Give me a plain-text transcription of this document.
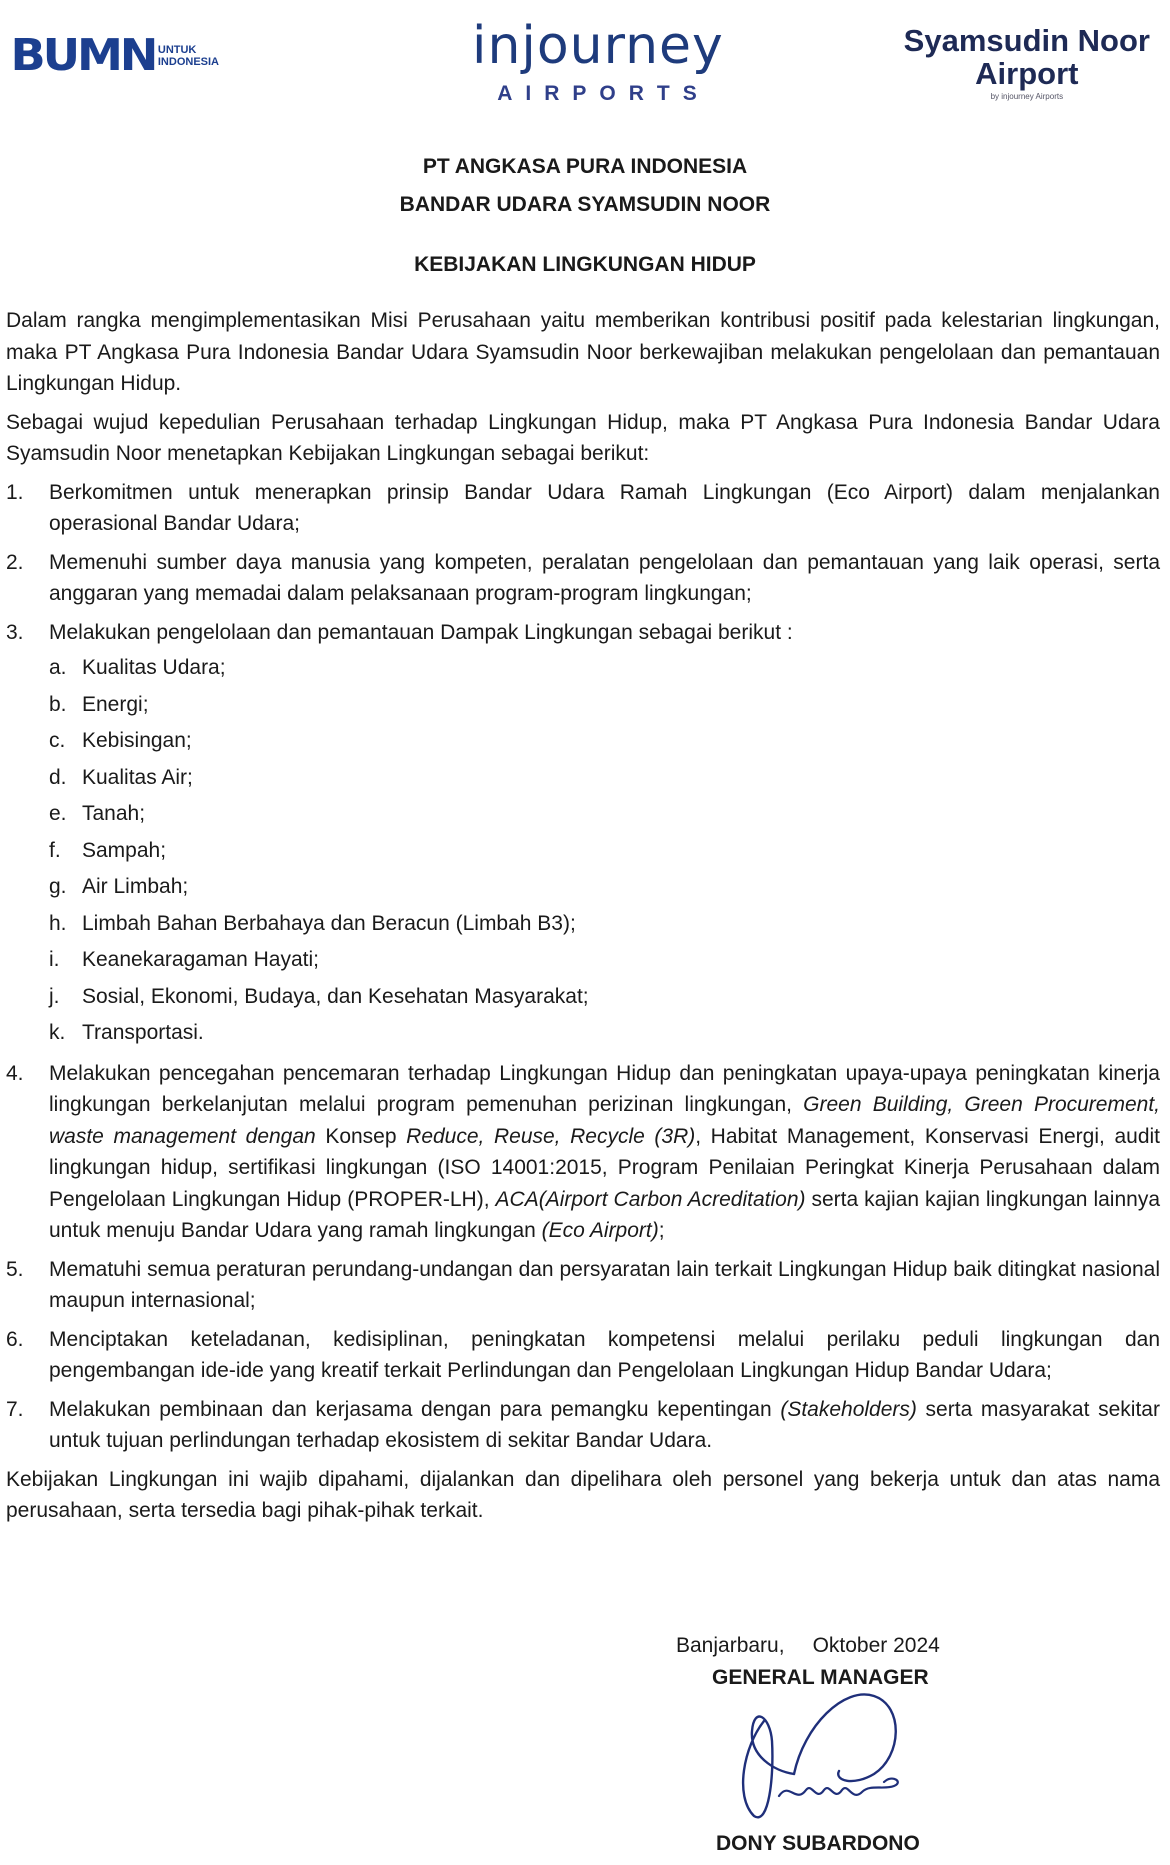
BUMN UNTUK
INDONESIA	injourney
AIRPORTS
Syamsudin Noor
Airport
by injourney Airports
PT ANGKASA PURA INDONESIA
BANDAR UDARA SYAMSUDIN NOOR
KEBIJAKAN LINGKUNGAN HIDUP

Dalam rangka mengimplementasikan Misi Perusahaan yaitu memberikan kontribusi positif pada kelestarian lingkungan, maka PT Angkasa Pura Indonesia Bandar Udara Syamsudin Noor berkewajiban melakukan pengelolaan dan pemantauan Lingkungan Hidup.

Sebagai wujud kepedulian Perusahaan terhadap Lingkungan Hidup, maka PT Angkasa Pura Indonesia Bandar Udara Syamsudin Noor menetapkan Kebijakan Lingkungan sebagai berikut:

1. Berkomitmen untuk menerapkan prinsip Bandar Udara Ramah Lingkungan (Eco Airport) dalam menjalankan operasional Bandar Udara;
2. Memenuhi sumber daya manusia yang kompeten, peralatan pengelolaan dan pemantauan yang laik operasi, serta anggaran yang memadai dalam pelaksanaan program-program lingkungan;
3. Melakukan pengelolaan dan pemantauan Dampak Lingkungan sebagai berikut :
a. Kualitas Udara;
b. Energi;
c. Kebisingan;
d. Kualitas Air;
e. Tanah;
f. Sampah;
g. Air Limbah;
h. Limbah Bahan Berbahaya dan Beracun (Limbah B3);
i. Keanekaragaman Hayati;
j. Sosial, Ekonomi, Budaya, dan Kesehatan Masyarakat;
k. Transportasi.
4. Melakukan pencegahan pencemaran terhadap Lingkungan Hidup dan peningkatan upaya-upaya peningkatan kinerja lingkungan berkelanjutan melalui program pemenuhan perizinan lingkungan, Green Building, Green Procurement, waste management dengan Konsep Reduce, Reuse, Recycle (3R), Habitat Management, Konservasi Energi, audit lingkungan hidup, sertifikasi lingkungan (ISO 14001:2015, Program Penilaian Peringkat Kinerja Perusahaan dalam Pengelolaan Lingkungan Hidup (PROPER-LH), ACA(Airport Carbon Acreditation) serta kajian kajian lingkungan lainnya untuk menuju Bandar Udara yang ramah lingkungan (Eco Airport);
5. Mematuhi semua peraturan perundang-undangan dan persyaratan lain terkait Lingkungan Hidup baik ditingkat nasional maupun internasional;
6. Menciptakan keteladanan, kedisiplinan, peningkatan kompetensi melalui perilaku peduli lingkungan dan pengembangan ide-ide yang kreatif terkait Perlindungan dan Pengelolaan Lingkungan Hidup Bandar Udara;
7. Melakukan pembinaan dan kerjasama dengan para pemangku kepentingan (Stakeholders) serta masyarakat sekitar untuk tujuan perlindungan terhadap ekosistem di sekitar Bandar Udara.

Kebijakan Lingkungan ini wajib dipahami, dijalankan dan dipelihara oleh personel yang bekerja untuk dan atas nama perusahaan, serta tersedia bagi pihak-pihak terkait.

Banjarbaru, Oktober 2024
GENERAL MANAGER
DONY SUBARDONO
